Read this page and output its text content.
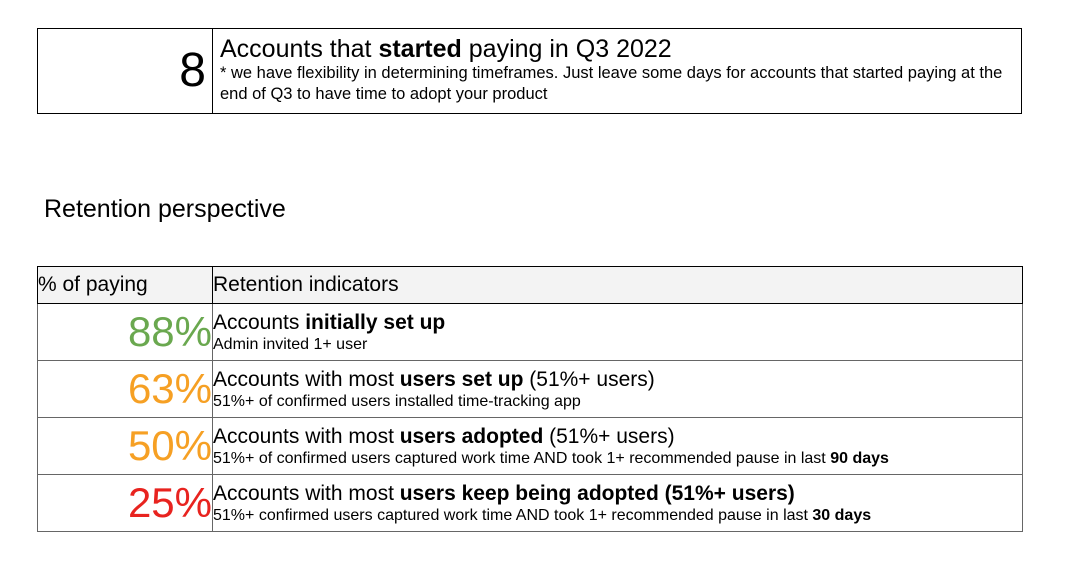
8 Accounts that started paying in Q3 2022
* we have flexibility in determining timeframes. Just leave some days for accounts that started paying at the end of Q3 to have time to adopt your product
Retention perspective
% of paying	Retention indicators
88%	Accounts initially set up
Admin invited 1+ user

63%	Accounts with most users set up (51%+ users)
51%+ of confirmed users installed time-tracking app

50%	Accounts with most users adopted (51%+ users)
51%+ of confirmed users captured work time AND took 1+ recommended pause in last 90 days

25%	Accounts with most users keep being adopted (51%+ users)
51%+ confirmed users captured work time AND took 1+ recommended pause in last 30 days
